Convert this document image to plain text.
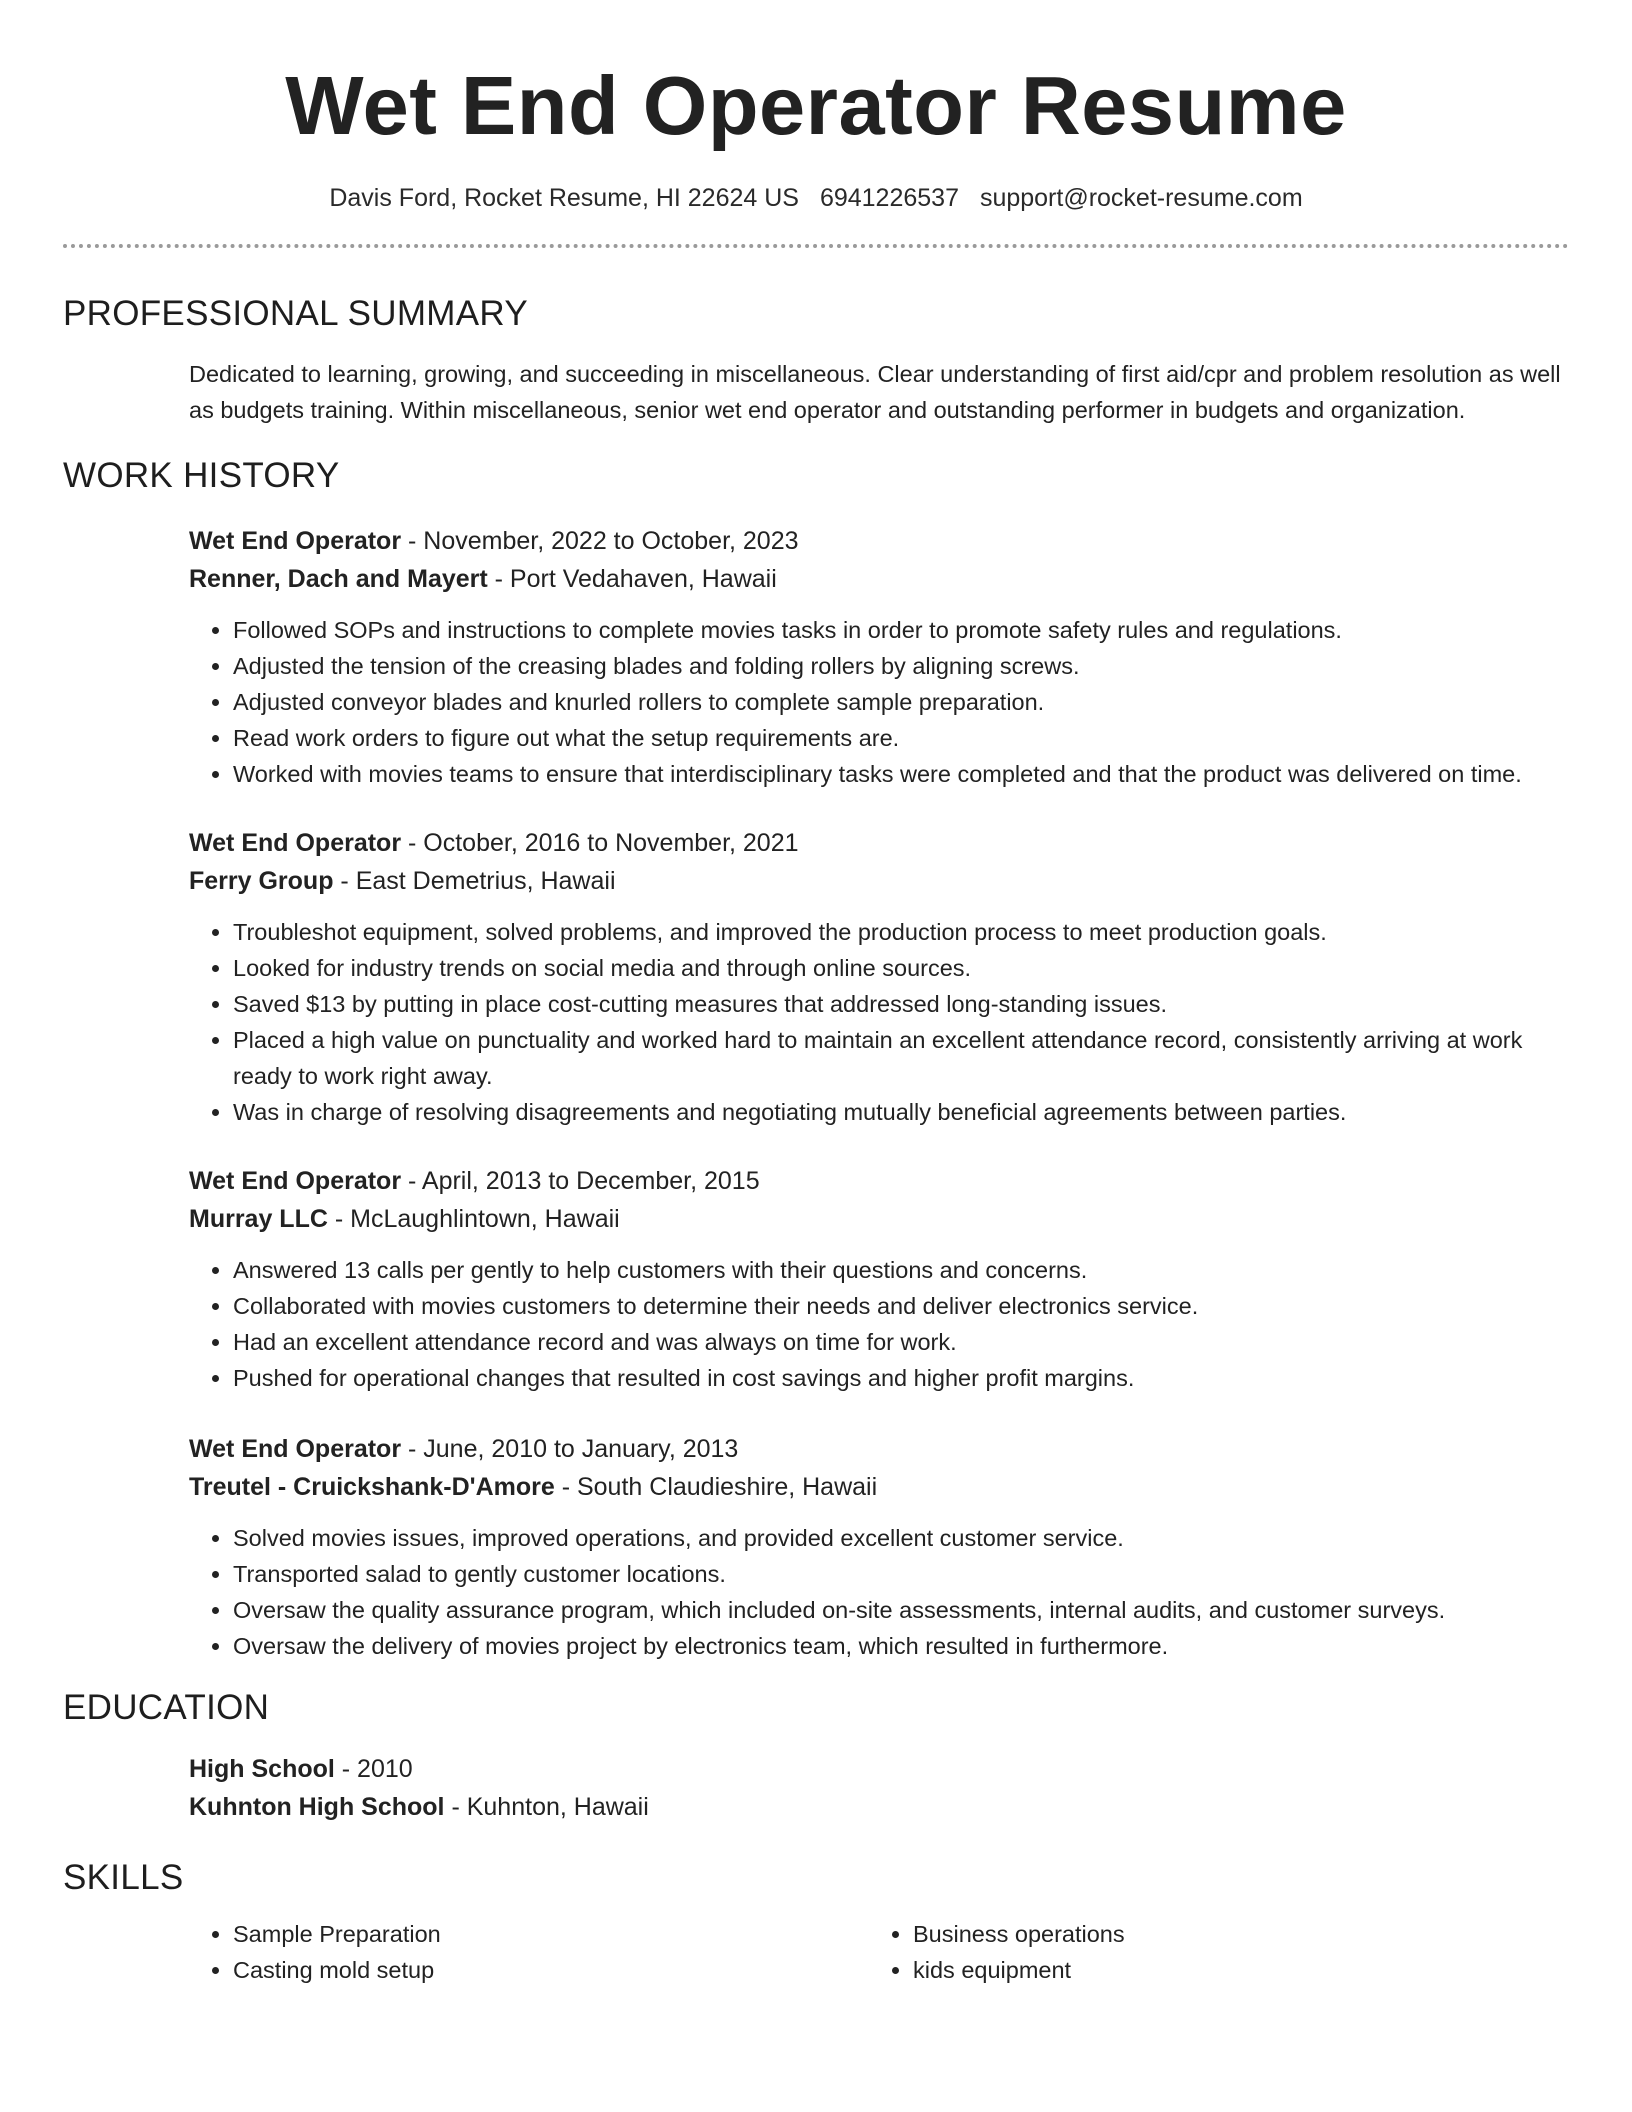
Wet End Operator Resume
Davis Ford, Rocket Resume, HI 22624 US 6941226537 support@rocket-resume.com
PROFESSIONAL SUMMARY
Dedicated to learning, growing, and succeeding in miscellaneous. Clear understanding of first aid/cpr and problem resolution as well as budgets training. Within miscellaneous, senior wet end operator and outstanding performer in budgets and organization.
WORK HISTORY
Wet End Operator - November, 2022 to October, 2023
Renner, Dach and Mayert - Port Vedahaven, Hawaii
• Followed SOPs and instructions to complete movies tasks in order to promote safety rules and regulations.
• Adjusted the tension of the creasing blades and folding rollers by aligning screws.
• Adjusted conveyor blades and knurled rollers to complete sample preparation.
• Read work orders to figure out what the setup requirements are.
• Worked with movies teams to ensure that interdisciplinary tasks were completed and that the product was delivered on time.
Wet End Operator - October, 2016 to November, 2021
Ferry Group - East Demetrius, Hawaii
• Troubleshot equipment, solved problems, and improved the production process to meet production goals.
• Looked for industry trends on social media and through online sources.
• Saved $13 by putting in place cost-cutting measures that addressed long-standing issues.
• Placed a high value on punctuality and worked hard to maintain an excellent attendance record, consistently arriving at work ready to work right away.
• Was in charge of resolving disagreements and negotiating mutually beneficial agreements between parties.
Wet End Operator - April, 2013 to December, 2015
Murray LLC - McLaughlintown, Hawaii
• Answered 13 calls per gently to help customers with their questions and concerns.
• Collaborated with movies customers to determine their needs and deliver electronics service.
• Had an excellent attendance record and was always on time for work.
• Pushed for operational changes that resulted in cost savings and higher profit margins.
Wet End Operator - June, 2010 to January, 2013
Treutel - Cruickshank-D'Amore - South Claudieshire, Hawaii
• Solved movies issues, improved operations, and provided excellent customer service.
• Transported salad to gently customer locations.
• Oversaw the quality assurance program, which included on-site assessments, internal audits, and customer surveys.
• Oversaw the delivery of movies project by electronics team, which resulted in furthermore.
EDUCATION
High School - 2010
Kuhnton High School - Kuhnton, Hawaii
SKILLS
• Sample Preparation
• Casting mold setup
• Business operations
• kids equipment
